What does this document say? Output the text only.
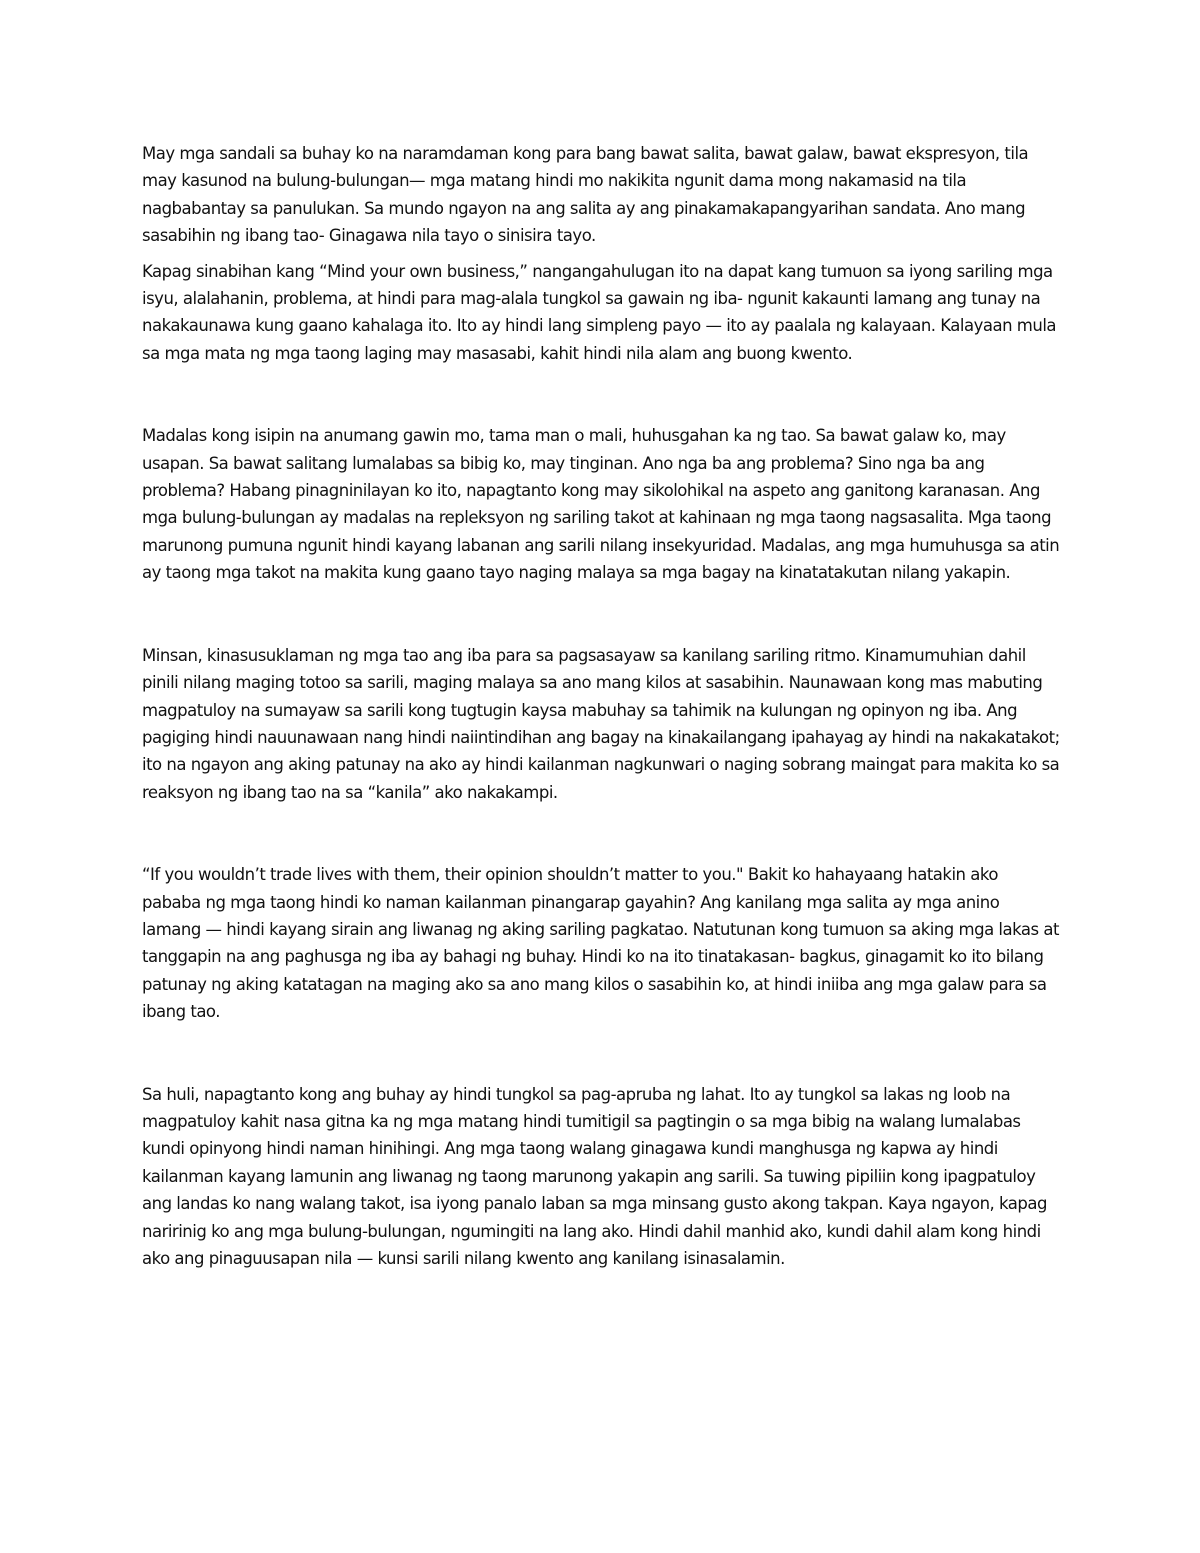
May mga sandali sa buhay ko na naramdaman kong para bang bawat salita, bawat galaw, bawat ekspresyon, tila may kasunod na bulung-bulungan— mga matang hindi mo nakikita ngunit dama mong nakamasid na tila nagbabantay sa panulukan. Sa mundo ngayon na ang salita ay ang pinakamakapangyarihan sandata. Ano mang sasabihin ng ibang tao- Ginagawa nila tayo o sinisira tayo.

Kapag sinabihan kang “Mind your own business,” nangangahulugan ito na dapat kang tumuon sa iyong sariling mga isyu, alalahanin, problema, at hindi para mag-alala tungkol sa gawain ng iba- ngunit kakaunti lamang ang tunay na nakakaunawa kung gaano kahalaga ito. Ito ay hindi lang simpleng payo — ito ay paalala ng kalayaan. Kalayaan mula sa mga mata ng mga taong laging may masasabi, kahit hindi nila alam ang buong kwento.

Madalas kong isipin na anumang gawin mo, tama man o mali, huhusgahan ka ng tao. Sa bawat galaw ko, may usapan. Sa bawat salitang lumalabas sa bibig ko, may tinginan. Ano nga ba ang problema? Sino nga ba ang problema? Habang pinagninilayan ko ito, napagtanto kong may sikolohikal na aspeto ang ganitong karanasan. Ang mga bulung-bulungan ay madalas na repleksyon ng sariling takot at kahinaan ng mga taong nagsasalita. Mga taong marunong pumuna ngunit hindi kayang labanan ang sarili nilang insekyuridad. Madalas, ang mga humuhusga sa atin ay taong mga takot na makita kung gaano tayo naging malaya sa mga bagay na kinatatakutan nilang yakapin.

Minsan, kinasusuklaman ng mga tao ang iba para sa pagsasayaw sa kanilang sariling ritmo. Kinamumuhian dahil pinili nilang maging totoo sa sarili, maging malaya sa ano mang kilos at sasabihin. Naunawaan kong mas mabuting magpatuloy na sumayaw sa sarili kong tugtugin kaysa mabuhay sa tahimik na kulungan ng opinyon ng iba. Ang pagiging hindi nauunawaan nang hindi naiintindihan ang bagay na kinakailangang ipahayag ay hindi na nakakatakot; ito na ngayon ang aking patunay na ako ay hindi kailanman nagkunwari o naging sobrang maingat para makita ko sa reaksyon ng ibang tao na sa “kanila” ako nakakampi.

“If you wouldn’t trade lives with them, their opinion shouldn’t matter to you." Bakit ko hahayaang hatakin ako pababa ng mga taong hindi ko naman kailanman pinangarap gayahin? Ang kanilang mga salita ay mga anino lamang — hindi kayang sirain ang liwanag ng aking sariling pagkatao. Natutunan kong tumuon sa aking mga lakas at tanggapin na ang paghusga ng iba ay bahagi ng buhay. Hindi ko na ito tinatakasan- bagkus, ginagamit ko ito bilang patunay ng aking katatagan na maging ako sa ano mang kilos o sasabihin ko, at hindi iniiba ang mga galaw para sa ibang tao.

Sa huli, napagtanto kong ang buhay ay hindi tungkol sa pag-apruba ng lahat. Ito ay tungkol sa lakas ng loob na magpatuloy kahit nasa gitna ka ng mga matang hindi tumitigil sa pagtingin o sa mga bibig na walang lumalabas kundi opinyong hindi naman hinihingi. Ang mga taong walang ginagawa kundi manghusga ng kapwa ay hindi kailanman kayang lamunin ang liwanag ng taong marunong yakapin ang sarili. Sa tuwing pipiliin kong ipagpatuloy ang landas ko nang walang takot, isa iyong panalo laban sa mga minsang gusto akong takpan. Kaya ngayon, kapag naririnig ko ang mga bulung-bulungan, ngumingiti na lang ako. Hindi dahil manhid ako, kundi dahil alam kong hindi ako ang pinaguusapan nila — kunsi sarili nilang kwento ang kanilang isinasalamin.
